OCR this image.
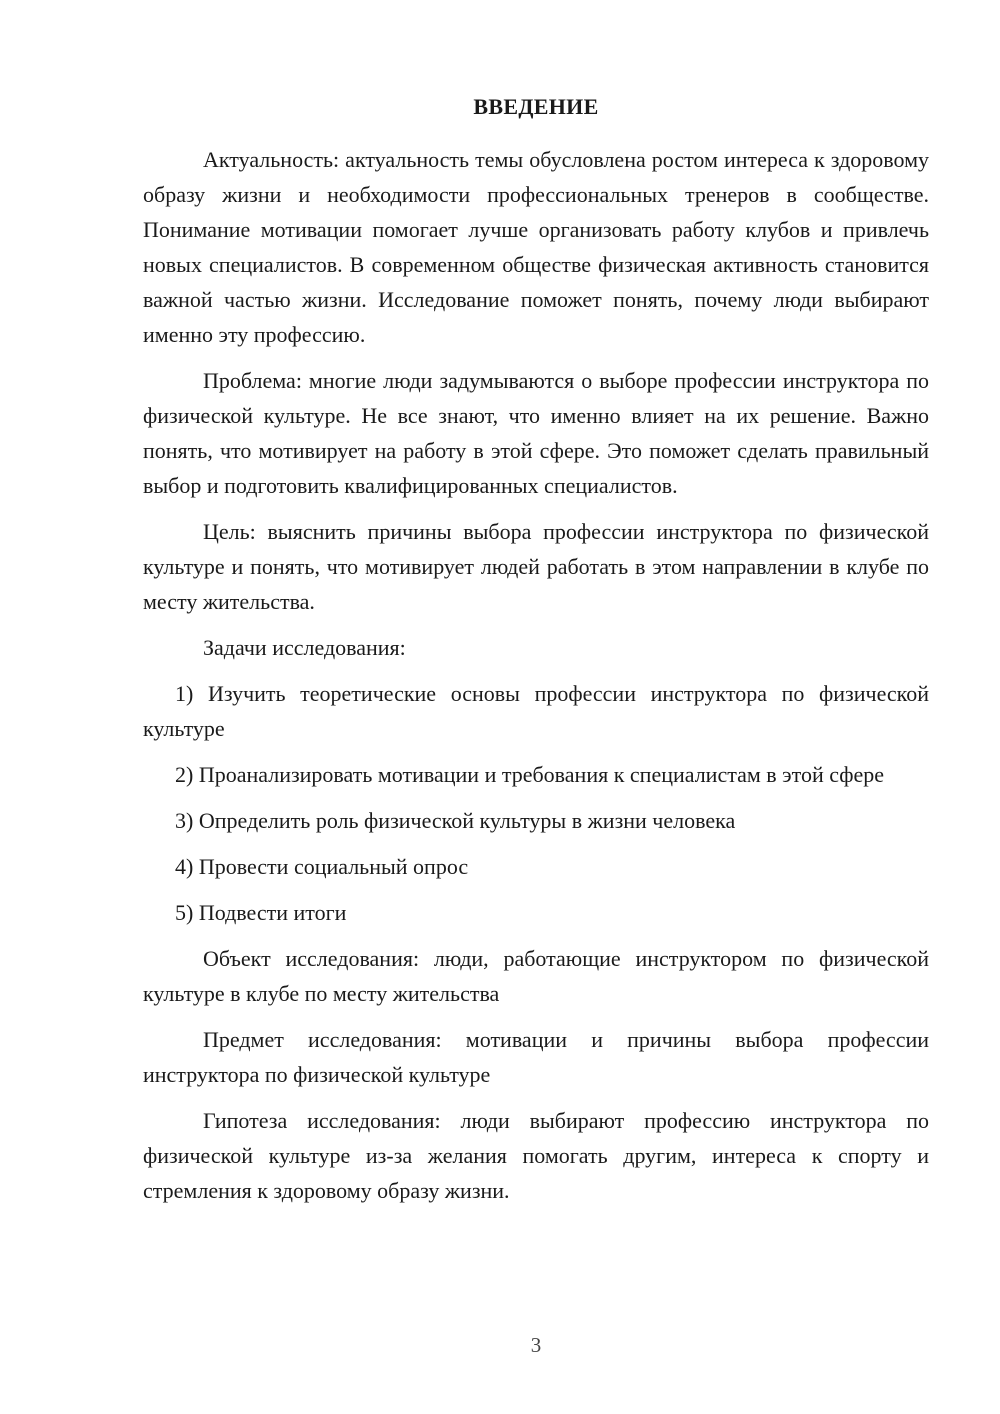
ВВЕДЕНИЕ

Актуальность: актуальность темы обусловлена ростом интереса к здоровому образу жизни и необходимости профессиональных тренеров в сообществе. Понимание мотивации помогает лучше организовать работу клубов и привлечь новых специалистов. В современном обществе физическая активность становится важной частью жизни. Исследование поможет понять, почему люди выбирают именно эту профессию.

Проблема: многие люди задумываются о выборе профессии инструктора по физической культуре. Не все знают, что именно влияет на их решение. Важно понять, что мотивирует на работу в этой сфере. Это поможет сделать правильный выбор и подготовить квалифицированных специалистов.

Цель: выяснить причины выбора профессии инструктора по физической культуре и понять, что мотивирует людей работать в этом направлении в клубе по месту жительства.

Задачи исследования:

1) Изучить теоретические основы профессии инструктора по физической культуре

2) Проанализировать мотивации и требования к специалистам в этой сфере

3) Определить роль физической культуры в жизни человека

4) Провести социальный опрос

5) Подвести итоги

Объект исследования: люди, работающие инструктором по физической культуре в клубе по месту жительства

Предмет исследования: мотивации и причины выбора профессии инструктора по физической культуре

Гипотеза исследования: люди выбирают профессию инструктора по физической культуре из-за желания помогать другим, интереса к спорту и стремления к здоровому образу жизни.

3
